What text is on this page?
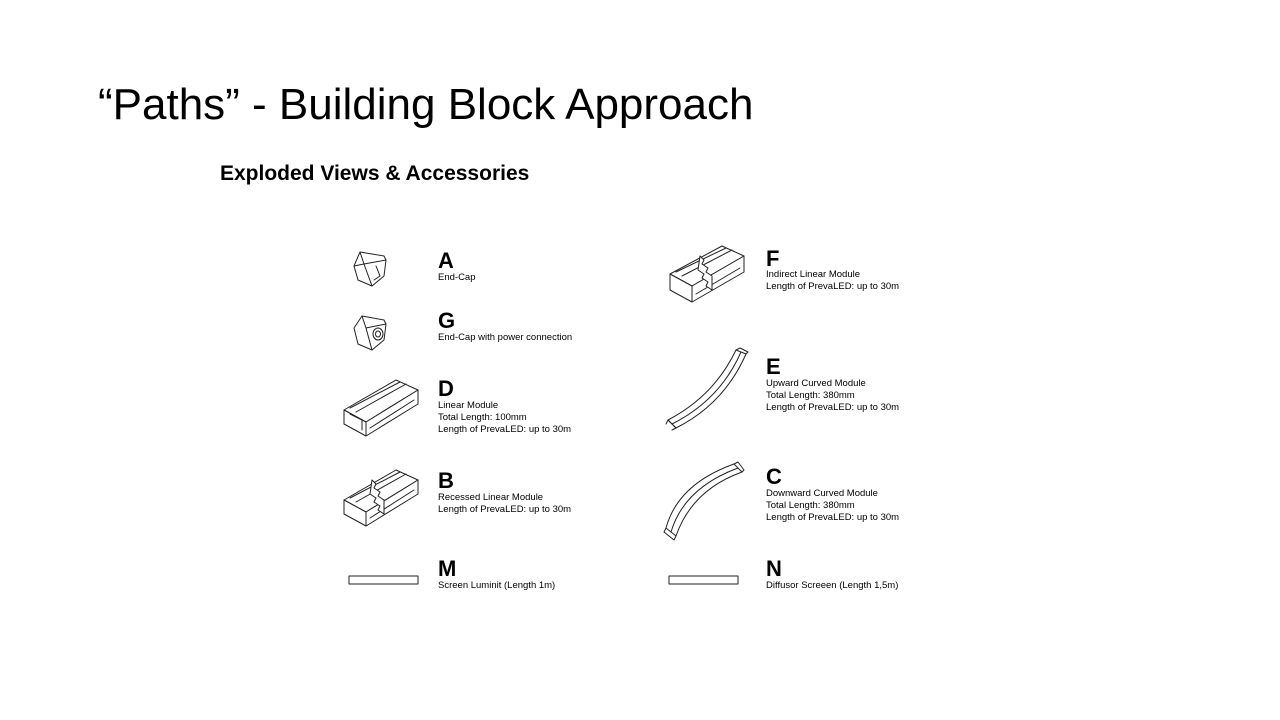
“Paths” - Building Block Approach
Exploded Views & Accessories
A
End-Cap
G
End-Cap with power connection
D
Linear Module
Total Length: 100mm
Length of PrevaLED: up to 30m
B
Recessed Linear Module
Length of PrevaLED: up to 30m
M
Screen Luminit (Length 1m)
F
Indirect Linear Module
Length of PrevaLED: up to 30m
E
Upward Curved Module
Total Length: 380mm
Length of PrevaLED: up to 30m
C
Downward Curved Module
Total Length: 380mm
Length of PrevaLED: up to 30m
N
Diffusor Screeen (Length 1,5m)
